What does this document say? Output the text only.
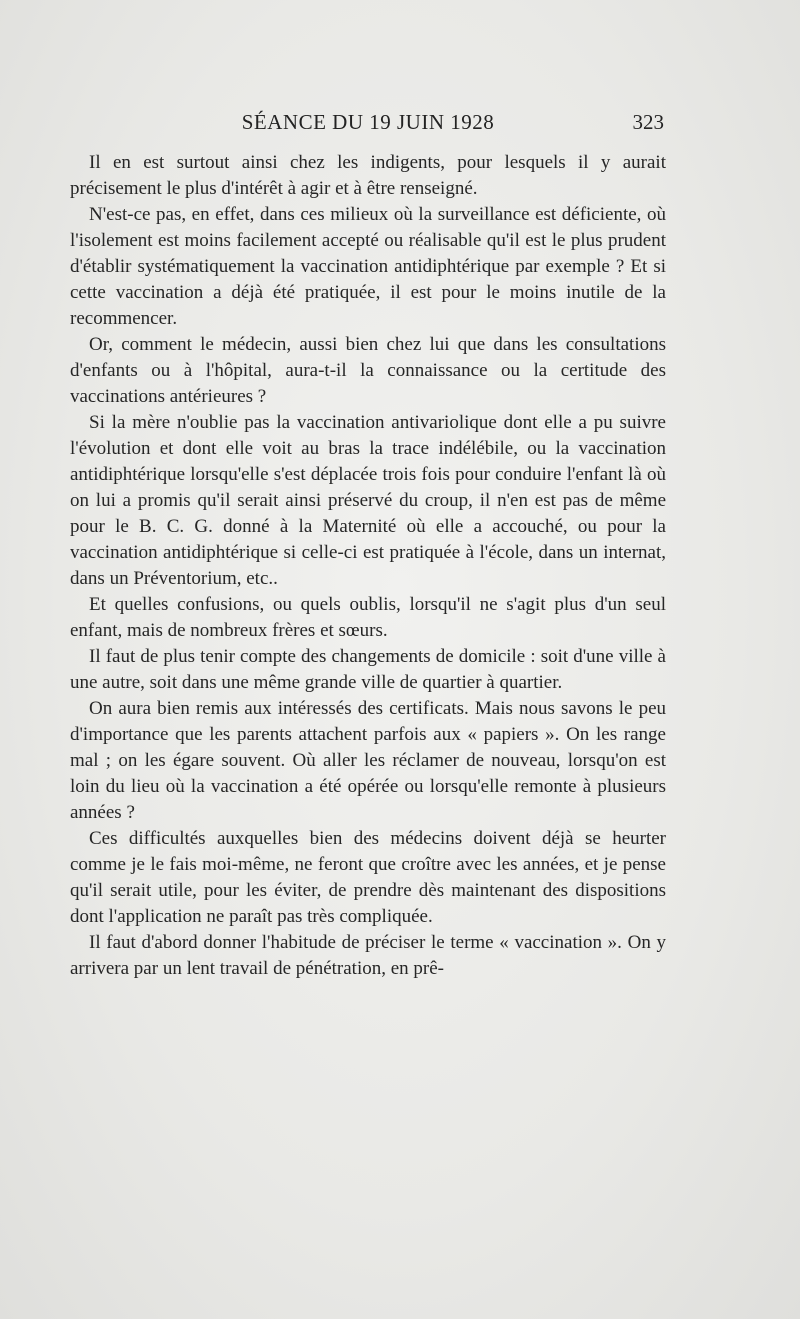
SÉANCE DU 19 JUIN 1928	323

Il en est surtout ainsi chez les indigents, pour lesquels il y aurait précisement le plus d'intérêt à agir et à être renseigné.

N'est-ce pas, en effet, dans ces milieux où la surveillance est déficiente, où l'isolement est moins facilement accepté ou réalisable qu'il est le plus prudent d'établir systématiquement la vaccination antidiphtérique par exemple ? Et si cette vaccination a déjà été pratiquée, il est pour le moins inutile de la recommencer.

Or, comment le médecin, aussi bien chez lui que dans les consultations d'enfants ou à l'hôpital, aura-t-il la connaissance ou la certitude des vaccinations antérieures ?

Si la mère n'oublie pas la vaccination antivariolique dont elle a pu suivre l'évolution et dont elle voit au bras la trace indélébile, ou la vaccination antidiphtérique lorsqu'elle s'est déplacée trois fois pour conduire l'enfant là où on lui a promis qu'il serait ainsi préservé du croup, il n'en est pas de même pour le B. C. G. donné à la Maternité où elle a accouché, ou pour la vaccination antidiphtérique si celle-ci est pratiquée à l'école, dans un internat, dans un Préventorium, etc..

Et quelles confusions, ou quels oublis, lorsqu'il ne s'agit plus d'un seul enfant, mais de nombreux frères et sœurs.

Il faut de plus tenir compte des changements de domicile : soit d'une ville à une autre, soit dans une même grande ville de quartier à quartier.

On aura bien remis aux intéressés des certificats. Mais nous savons le peu d'importance que les parents attachent parfois aux « papiers ». On les range mal ; on les égare souvent. Où aller les réclamer de nouveau, lorsqu'on est loin du lieu où la vaccination a été opérée ou lorsqu'elle remonte à plusieurs années ?

Ces difficultés auxquelles bien des médecins doivent déjà se heurter comme je le fais moi-même, ne feront que croître avec les années, et je pense qu'il serait utile, pour les éviter, de prendre dès maintenant des dispositions dont l'application ne paraît pas très compliquée.

Il faut d'abord donner l'habitude de préciser le terme « vaccination ». On y arrivera par un lent travail de pénétration, en prê-
